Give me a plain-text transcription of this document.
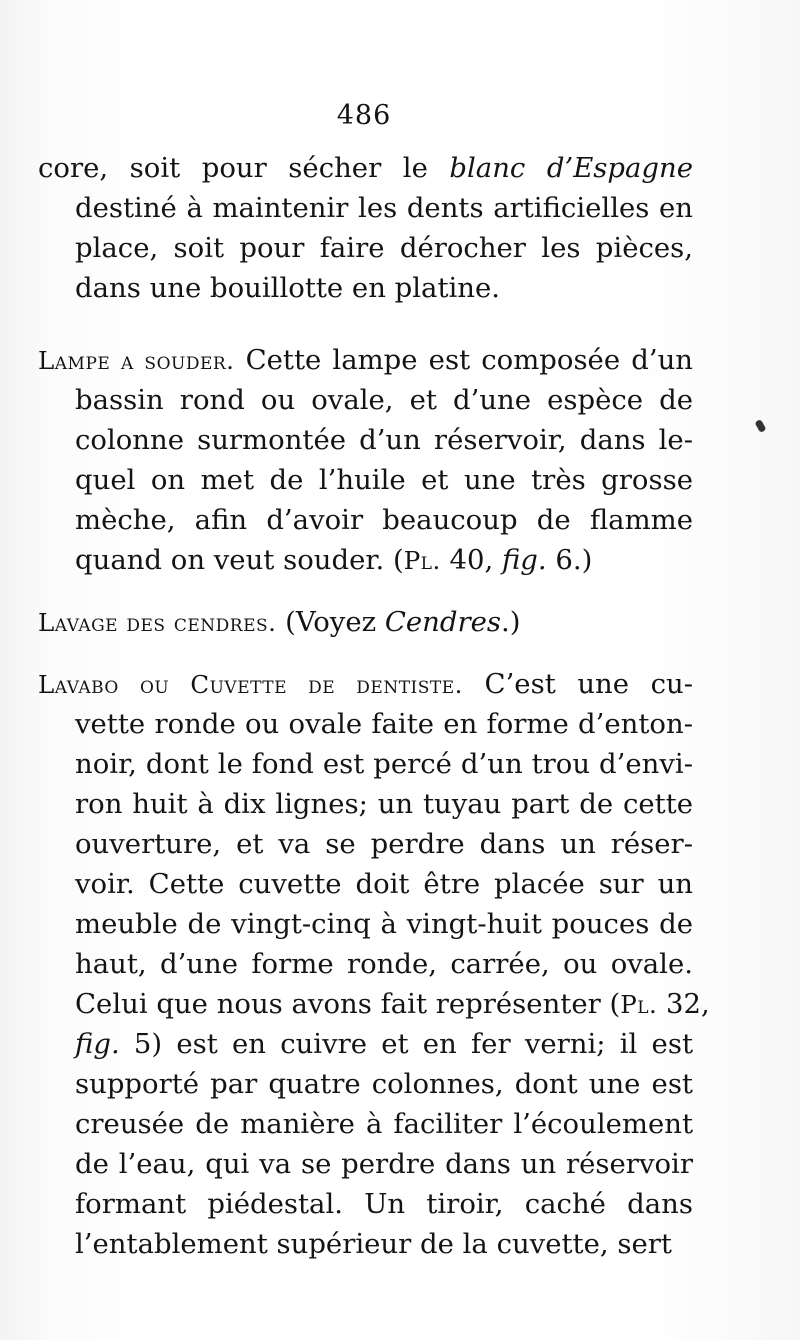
486
core, soit pour sécher le blanc d’Espagne
destiné à maintenir les dents artificielles en
place, soit pour faire dérocher les pièces,
dans une bouillotte en platine.
Lampe a souder. Cette lampe est composée d’un
bassin rond ou ovale, et d’une espèce de
colonne surmontée d’un réservoir, dans le-
quel on met de l’huile et une très grosse
mèche, afin d’avoir beaucoup de flamme
quand on veut souder. (Pl. 40, fig. 6.)
Lavage des cendres. (Voyez Cendres.)
Lavabo ou Cuvette de dentiste. C’est une cu-
vette ronde ou ovale faite en forme d’enton-
noir, dont le fond est percé d’un trou d’envi-
ron huit à dix lignes; un tuyau part de cette
ouverture, et va se perdre dans un réser-
voir. Cette cuvette doit être placée sur un
meuble de vingt-cinq à vingt-huit pouces de
haut, d’une forme ronde, carrée, ou ovale.
Celui que nous avons fait représenter (Pl. 32,
fig. 5) est en cuivre et en fer verni; il est
supporté par quatre colonnes, dont une est
creusée de manière à faciliter l’écoulement
de l’eau, qui va se perdre dans un réservoir
formant piédestal. Un tiroir, caché dans
l’entablement supérieur de la cuvette, sert
